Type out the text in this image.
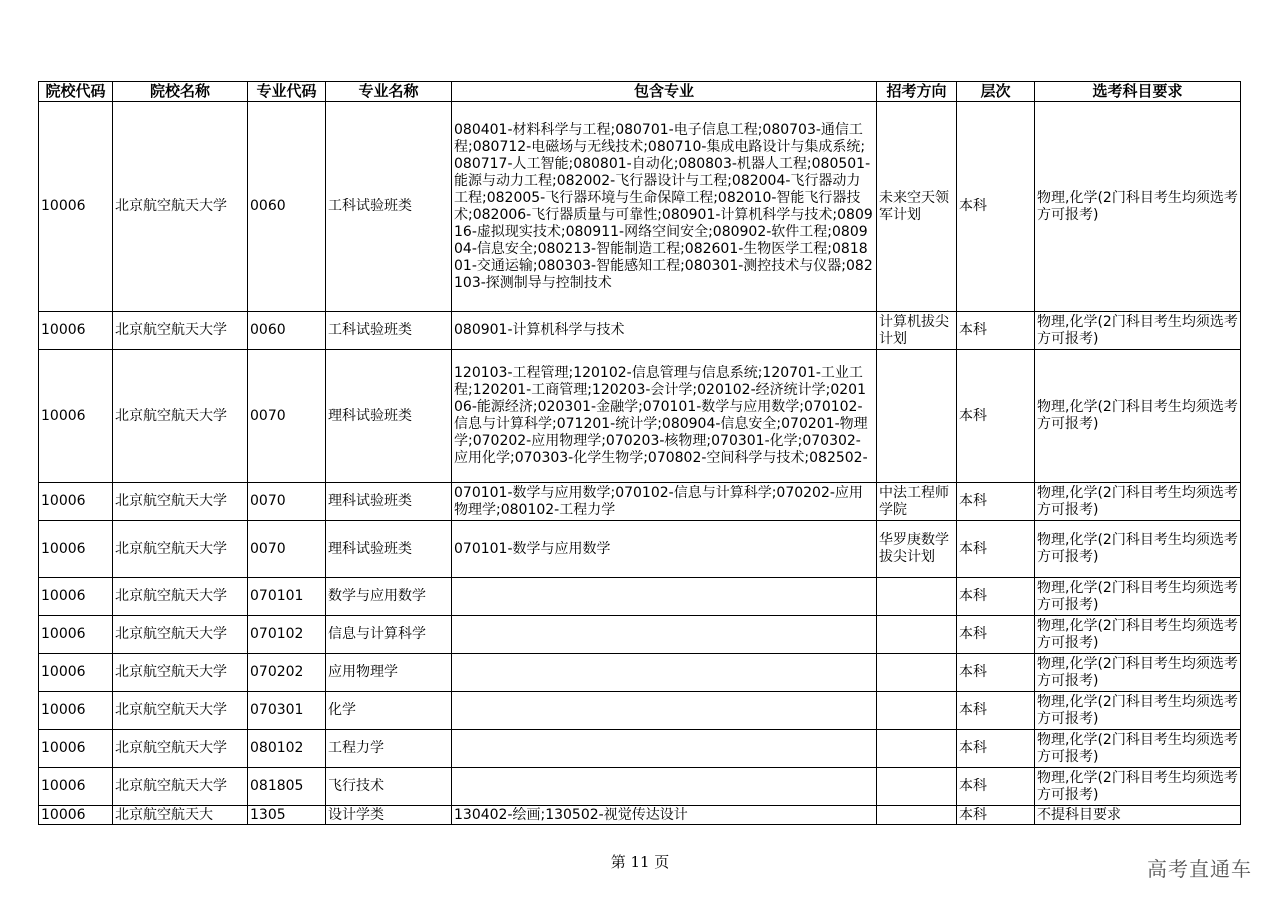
院校代码	院校名称	专业代码	专业名称	包含专业	招考方向	层次	选考科目要求

10006	北京航空航天大学	0060	工科试验班类	080401-材料科学与工程;080701-电子信息工程;080703-通信工程;080712-电磁场与无线技术;080710-集成电路设计与集成系统;080717-人工智能;080801-自动化;080803-机器人工程;080501-能源与动力工程;082002-飞行器设计与工程;082004-飞行器动力工程;082005-飞行器环境与生命保障工程;082010-智能飞行器技术;082006-飞行器质量与可靠性;080901-计算机科学与技术;080916-虚拟现实技术;080911-网络空间安全;080902-软件工程;080904-信息安全;080213-智能制造工程;082601-生物医学工程;081801-交通运输;080303-智能感知工程;080301-测控技术与仪器;082103-探测制导与控制技术	未来空天领军计划	本科	物理,化学(2门科目考生均须选考方可报考)

10006	北京航空航天大学	0060	工科试验班类	080901-计算机科学与技术	计算机拔尖计划	本科	物理,化学(2门科目考生均须选考方可报考)

10006	北京航空航天大学	0070	理科试验班类	120103-工程管理;120102-信息管理与信息系统;120701-工业工程;120201-工商管理;120203-会计学;020102-经济统计学;020106-能源经济;020301-金融学;070101-数学与应用数学;070102-信息与计算科学;071201-统计学;080904-信息安全;070201-物理学;070202-应用物理学;070203-核物理;070301-化学;070302-应用化学;070303-化学生物学;070802-空间科学与技术;082502-		本科	物理,化学(2门科目考生均须选考方可报考)

10006	北京航空航天大学	0070	理科试验班类	070101-数学与应用数学;070102-信息与计算科学;070202-应用物理学;080102-工程力学	中法工程师学院	本科	物理,化学(2门科目考生均须选考方可报考)

10006	北京航空航天大学	0070	理科试验班类	070101-数学与应用数学	华罗庚数学拔尖计划	本科	物理,化学(2门科目考生均须选考方可报考)

10006	北京航空航天大学	070101	数学与应用数学			本科	物理,化学(2门科目考生均须选考方可报考)

10006	北京航空航天大学	070102	信息与计算科学			本科	物理,化学(2门科目考生均须选考方可报考)

10006	北京航空航天大学	070202	应用物理学			本科	物理,化学(2门科目考生均须选考方可报考)

10006	北京航空航天大学	070301	化学			本科	物理,化学(2门科目考生均须选考方可报考)

10006	北京航空航天大学	080102	工程力学			本科	物理,化学(2门科目考生均须选考方可报考)

10006	北京航空航天大学	081805	飞行技术			本科	物理,化学(2门科目考生均须选考方可报考)

10006	北京航空航天大	1305	设计学类	130402-绘画;130502-视觉传达设计		本科	不提科目要求
第 11 页	高考直通车
